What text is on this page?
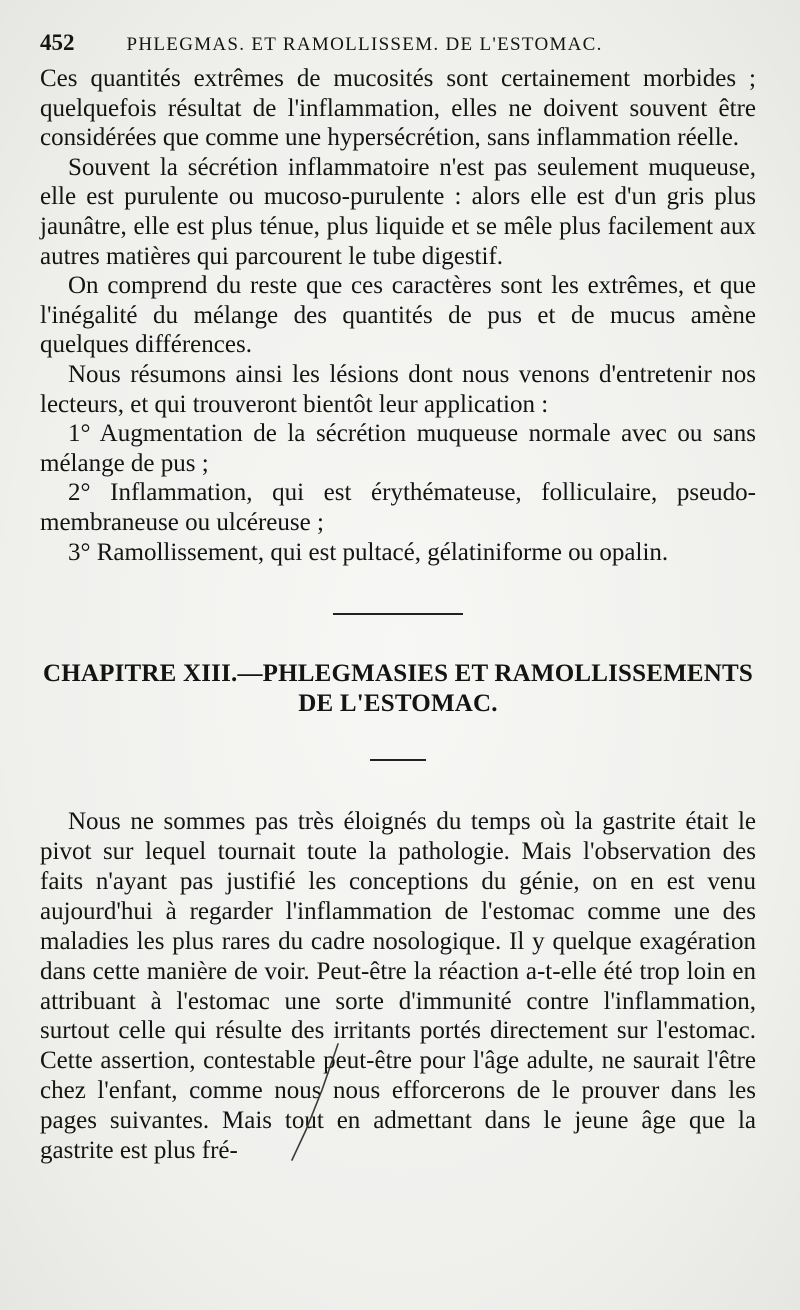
452	PHLEGMAS. ET RAMOLLISSEM. DE L'ESTOMAC.

Ces quantités extrêmes de mucosités sont certainement morbides ; quelquefois résultat de l'inflammation, elles ne doivent souvent être considérées que comme une hypersécrétion, sans inflammation réelle.

Souvent la sécrétion inflammatoire n'est pas seulement muqueuse, elle est purulente ou mucoso-purulente : alors elle est d'un gris plus jaunâtre, elle est plus ténue, plus liquide et se mêle plus facilement aux autres matières qui parcourent le tube digestif.

On comprend du reste que ces caractères sont les extrêmes, et que l'inégalité du mélange des quantités de pus et de mucus amène quelques différences.

Nous résumons ainsi les lésions dont nous venons d'entretenir nos lecteurs, et qui trouveront bientôt leur application :

1° Augmentation de la sécrétion muqueuse normale avec ou sans mélange de pus ;

2° Inflammation, qui est érythémateuse, folliculaire, pseudo-membraneuse ou ulcéreuse ;

3° Ramollissement, qui est pultacé, gélatiniforme ou opalin.

CHAPITRE XIII.—PHLEGMASIES ET RAMOLLISSEMENTS

DE L'ESTOMAC.

Nous ne sommes pas très éloignés du temps où la gastrite était le pivot sur lequel tournait toute la pathologie. Mais l'observation des faits n'ayant pas justifié les conceptions du génie, on en est venu aujourd'hui à regarder l'inflammation de l'estomac comme une des maladies les plus rares du cadre nosologique. Il y quelque exagération dans cette manière de voir. Peut-être la réaction a-t-elle été trop loin en attribuant à l'estomac une sorte d'immunité contre l'inflammation, surtout celle qui résulte des irritants portés directement sur l'estomac. Cette assertion, contestable peut-être pour l'âge adulte, ne saurait l'être chez l'enfant, comme nous nous efforcerons de le prouver dans les pages suivantes. Mais tout en admettant dans le jeune âge que la gastrite est plus fré-
